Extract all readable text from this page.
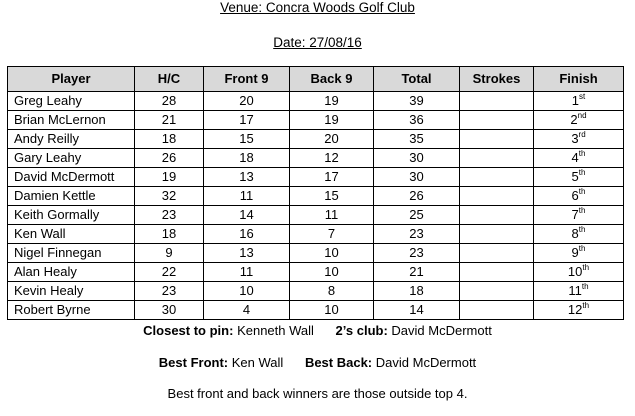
Venue: Concra Woods Golf Club
Date: 27/08/16
Player	H/C	Front 9	Back 9	Total	Strokes	Finish
Greg Leahy	28	20	19	39		1st
Brian McLernon	21	17	19	36		2nd
Andy Reilly	18	15	20	35		3rd
Gary Leahy	26	18	12	30		4th
David McDermott	19	13	17	30		5th
Damien Kettle	32	11	15	26		6th
Keith Gormally	23	14	11	25		7th
Ken Wall	18	16	7	23		8th
Nigel Finnegan	9	13	10	23		9th
Alan Healy	22	11	10	21		10th
Kevin Healy	23	10	8	18		11th
Robert Byrne	30	4	10	14		12th
Closest to pin: Kenneth Wall 2’s club: David McDermott
Best Front: Ken Wall Best Back: David McDermott
Best front and back winners are those outside top 4.
